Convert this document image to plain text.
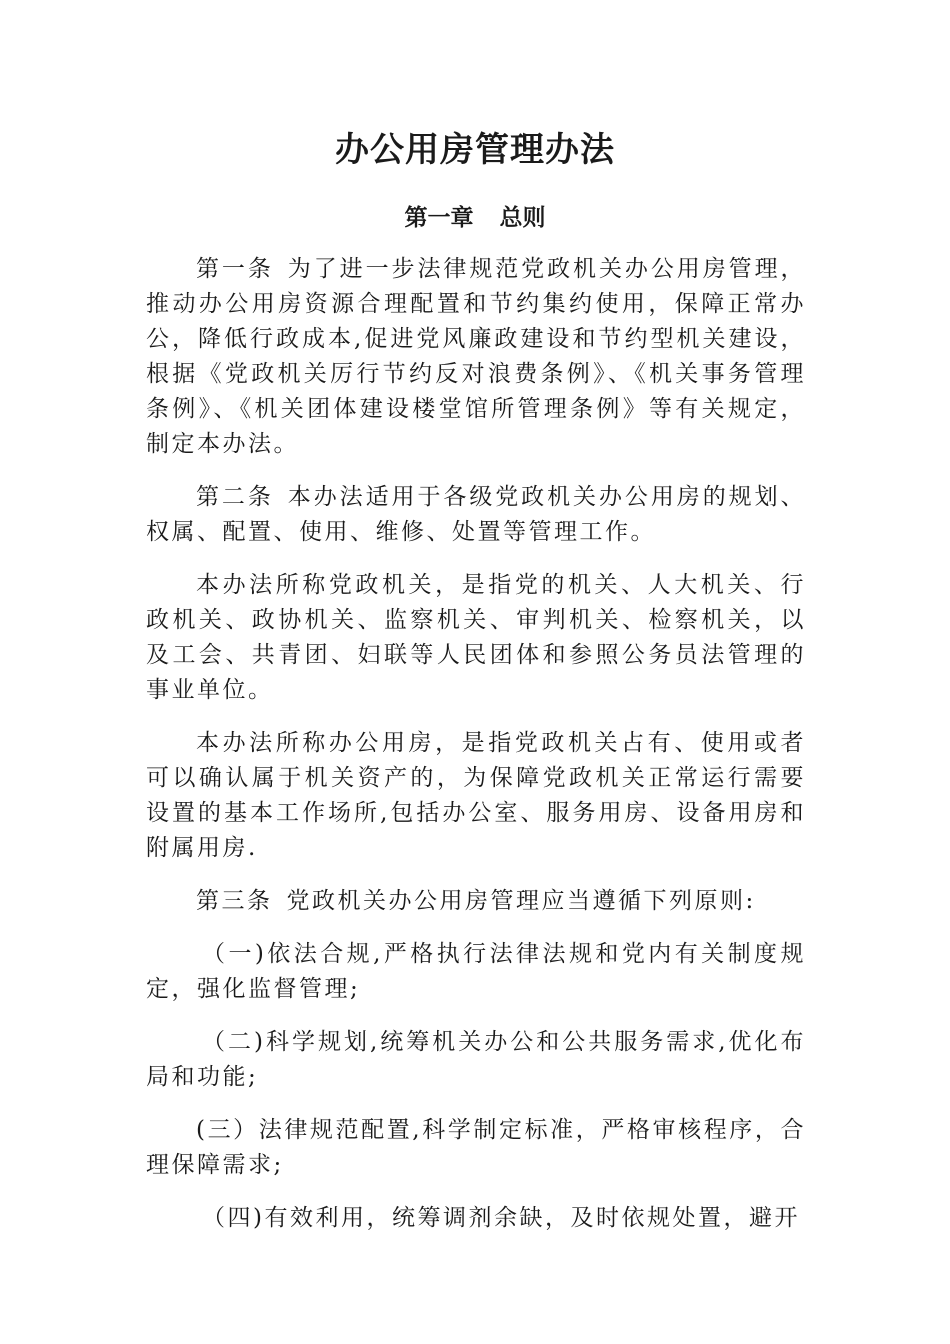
办公用房管理办法
第一章 总则

第一条 为了进一步法律规范党政机关办公用房管理，推动办公用房资源合理配置和节约集约使用，保障正常办公，降低行政成本,促进党风廉政建设和节约型机关建设，根据《党政机关厉行节约反对浪费条例》、《机关事务管理条例》、《机关团体建设楼堂馆所管理条例》等有关规定，制定本办法。

第二条 本办法适用于各级党政机关办公用房的规划、权属、配置、使用、维修、处置等管理工作。

本办法所称党政机关，是指党的机关、人大机关、行政机关、政协机关、监察机关、审判机关、检察机关，以及工会、共青团、妇联等人民团体和参照公务员法管理的事业单位。

本办法所称办公用房，是指党政机关占有、使用或者可以确认属于机关资产的，为保障党政机关正常运行需要设置的基本工作场所,包括办公室、服务用房、设备用房和附属用房.

第三条 党政机关办公用房管理应当遵循下列原则:

（一)依法合规,严格执行法律法规和党内有关制度规定，强化监督管理;

（二)科学规划,统筹机关办公和公共服务需求,优化布局和功能;

(三）法律规范配置,科学制定标准，严格审核程序，合理保障需求;

（四)有效利用，统筹调剂余缺，及时依规处置，避开
